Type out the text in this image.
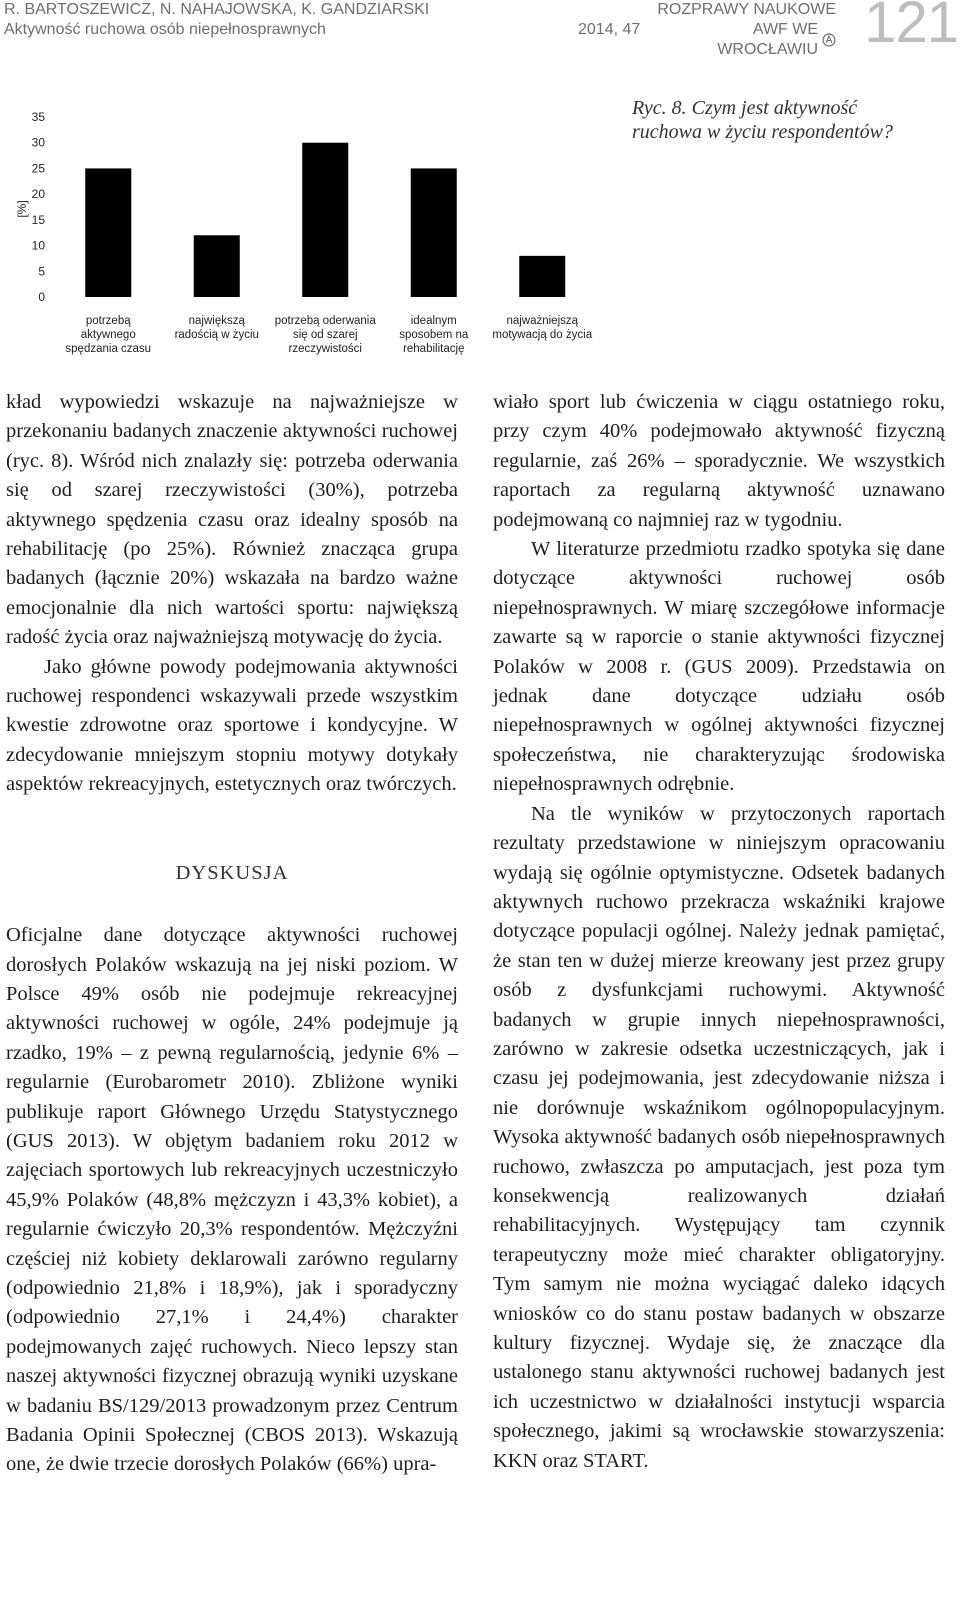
R. BARTOSZEWICZ, N. NAHAJOWSKA, K. GANDZIARSKI
Aktywność ruchowa osób niepełnosprawnych	2014, 47
ROZPRAWY NAUKOWE
AWF WE WROCŁAWIU 121
Ryc. 8. Czym jest aktywność
ruchowa w życiu respondentów?
0
5
10
15
20
25
30
35
[%]
potrzebą
aktywnego
spędzania czasu
największą
radością w życiu
potrzebą oderwania
się od szarej
rzeczywistości
idealnym
sposobem na
rehabilitację
najważniejszą
motywacją do życia

kład wypowiedzi wskazuje na najważniejsze w przekonaniu badanych znaczenie aktywności ruchowej (ryc. 8). Wśród nich znalazły się: potrzeba oderwania się od szarej rzeczywistości (30%), potrzeba aktywnego spędzenia czasu oraz idealny sposób na rehabilitację (po 25%). Również znacząca grupa badanych (łącznie 20%) wskazała na bardzo ważne emocjonalnie dla nich wartości sportu: największą radość życia oraz najważniejszą motywację do życia.

Jako główne powody podejmowania aktywności ruchowej respondenci wskazywali przede wszystkim kwestie zdrowotne oraz sportowe i kondycyjne. W zdecydowanie mniejszym stopniu motywy dotykały aspektów rekreacyjnych, estetycznych oraz twórczych.

DYSKUSJA

Oficjalne dane dotyczące aktywności ruchowej dorosłych Polaków wskazują na jej niski poziom. W Polsce 49% osób nie podejmuje rekreacyjnej aktywności ruchowej w ogóle, 24% podejmuje ją rzadko, 19% – z pewną regularnością, jedynie 6% – regularnie (Eurobarometr 2010). Zbliżone wyniki publikuje raport Głównego Urzędu Statystycznego (GUS 2013). W objętym badaniem roku 2012 w zajęciach sportowych lub rekreacyjnych uczestniczyło 45,9% Polaków (48,8% mężczyzn i 43,3% kobiet), a regularnie ćwiczyło 20,3% respondentów. Mężczyźni częściej niż kobiety deklarowali zarówno regularny (odpowiednio 21,8% i 18,9%), jak i sporadyczny (odpowiednio 27,1% i 24,4%) charakter podejmowanych zajęć ruchowych. Nieco lepszy stan naszej aktywności fizycznej obrazują wyniki uzyskane w badaniu BS/129/2013 prowadzonym przez Centrum Badania Opinii Społecznej (CBOS 2013). Wskazują one, że dwie trzecie dorosłych Polaków (66%) upra-

wiało sport lub ćwiczenia w ciągu ostatniego roku, przy czym 40% podejmowało aktywność fizyczną regularnie, zaś 26% – sporadycznie. We wszystkich raportach za regularną aktywność uznawano podejmowaną co najmniej raz w tygodniu.

W literaturze przedmiotu rzadko spotyka się dane dotyczące aktywności ruchowej osób niepełnosprawnych. W miarę szczegółowe informacje zawarte są w raporcie o stanie aktywności fizycznej Polaków w 2008 r. (GUS 2009). Przedstawia on jednak dane dotyczące udziału osób niepełnosprawnych w ogólnej aktywności fizycznej społeczeństwa, nie charakteryzując środowiska niepełnosprawnych odrębnie.

Na tle wyników w przytoczonych raportach rezultaty przedstawione w niniejszym opracowaniu wydają się ogólnie optymistyczne. Odsetek badanych aktywnych ruchowo przekracza wskaźniki krajowe dotyczące populacji ogólnej. Należy jednak pamiętać, że stan ten w dużej mierze kreowany jest przez grupy osób z dysfunkcjami ruchowymi. Aktywność badanych w grupie innych niepełnosprawności, zarówno w zakresie odsetka uczestniczących, jak i czasu jej podejmowania, jest zdecydowanie niższa i nie dorównuje wskaźnikom ogólnopopulacyjnym. Wysoka aktywność badanych osób niepełnosprawnych ruchowo, zwłaszcza po amputacjach, jest poza tym konsekwencją realizowanych działań rehabilitacyjnych. Występujący tam czynnik terapeutyczny może mieć charakter obligatoryjny. Tym samym nie można wyciągać daleko idących wniosków co do stanu postaw badanych w obszarze kultury fizycznej. Wydaje się, że znaczące dla ustalonego stanu aktywności ruchowej badanych jest ich uczestnictwo w działalności instytucji wsparcia społecznego, jakimi są wrocławskie stowarzyszenia: KKN oraz START.
